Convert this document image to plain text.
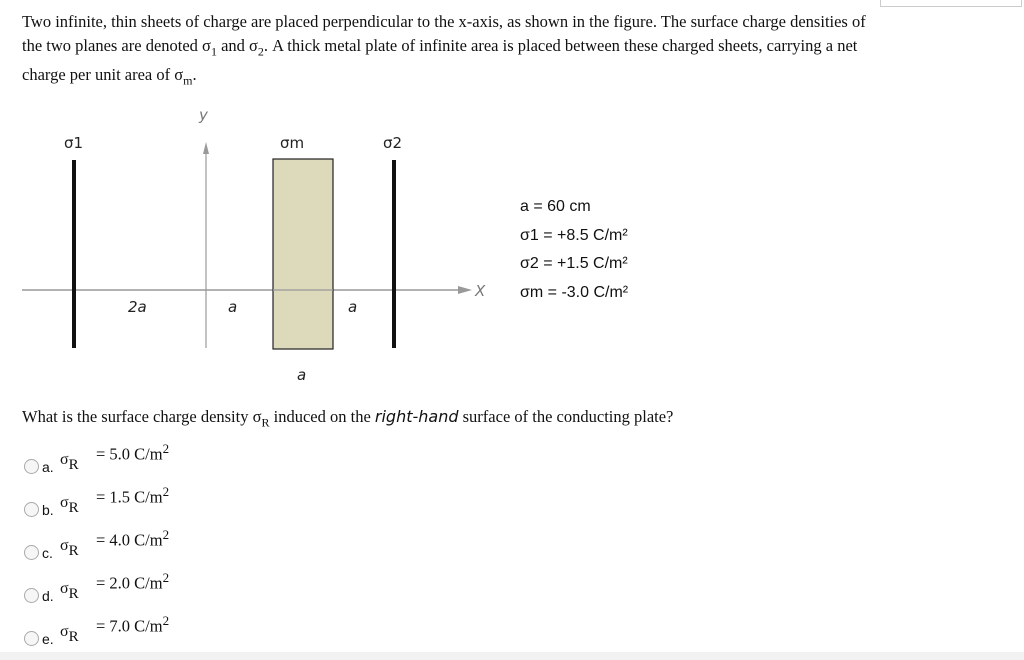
Two infinite, thin sheets of charge are placed perpendicular to the x-axis, as shown in the figure. The surface charge densities of
the two planes are denoted $\sigma_1$ and $\sigma_2$. A thick metal plate of infinite area is placed between these charged sheets, carrying a net
charge per unit area of $\sigma_m$.
σ1
y
σm	σ2
X
2a	a	a
a
a = 60 cm
σ1 = +8.5 C/m²
σ2 = +1.5 C/m²
σm = -3.0 C/m²
What is the surface charge density $\sigma_R$ induced on the right-hand surface of the conducting plate?
a. σR
= 5.0 $C/m^2$
b. σR
= 1.5 $C/m^2$
c. σR
= 4.0 $C/m^2$
d. σR
= 2.0 $C/m^2$
e. σR
= 7.0 $C/m^2$
